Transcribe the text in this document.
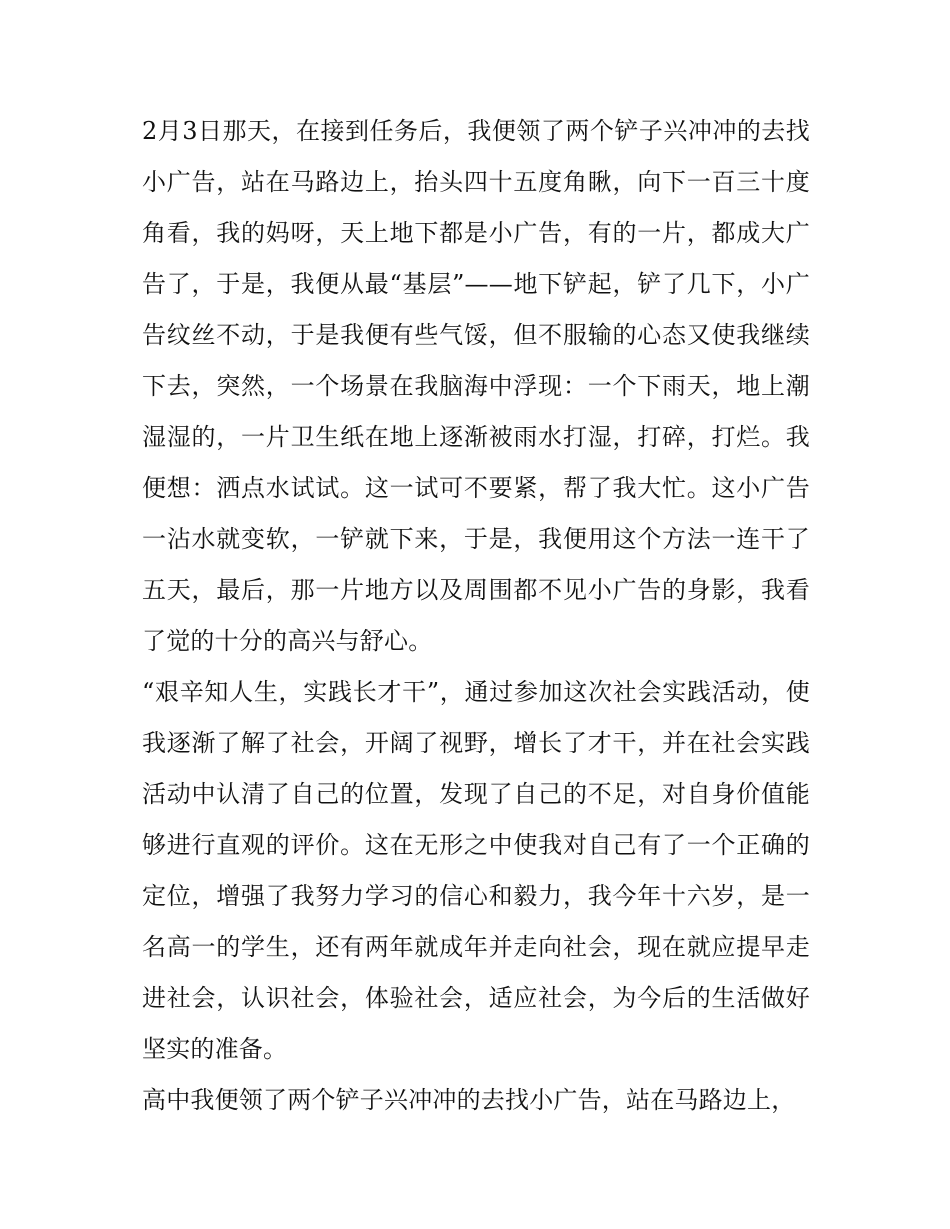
2月3日那天，在接到任务后，我便领了两个铲子兴冲冲的去找小广告，站在马路边上，抬头四十五度角瞅，向下一百三十度角看，我的妈呀，天上地下都是小广告，有的一片，都成大广告了，于是，我便从最“基层”——地下铲起，铲了几下，小广告纹丝不动，于是我便有些气馁，但不服输的心态又使我继续下去，突然，一个场景在我脑海中浮现：一个下雨天，地上潮湿湿的，一片卫生纸在地上逐渐被雨水打湿，打碎，打烂。我便想：洒点水试试。这一试可不要紧，帮了我大忙。这小广告一沾水就变软，一铲就下来，于是，我便用这个方法一连干了五天，最后，那一片地方以及周围都不见小广告的身影，我看了觉的十分的高兴与舒心。

“艰辛知人生，实践长才干”，通过参加这次社会实践活动，使我逐渐了解了社会，开阔了视野，增长了才干，并在社会实践活动中认清了自己的位置，发现了自己的不足，对自身价值能够进行直观的评价。这在无形之中使我对自己有了一个正确的定位，增强了我努力学习的信心和毅力，我今年十六岁，是一名高一的学生，还有两年就成年并走向社会，现在就应提早走进社会，认识社会，体验社会，适应社会，为今后的生活做好坚实的准备。

高中我便领了两个铲子兴冲冲的去找小广告，站在马路边上，
